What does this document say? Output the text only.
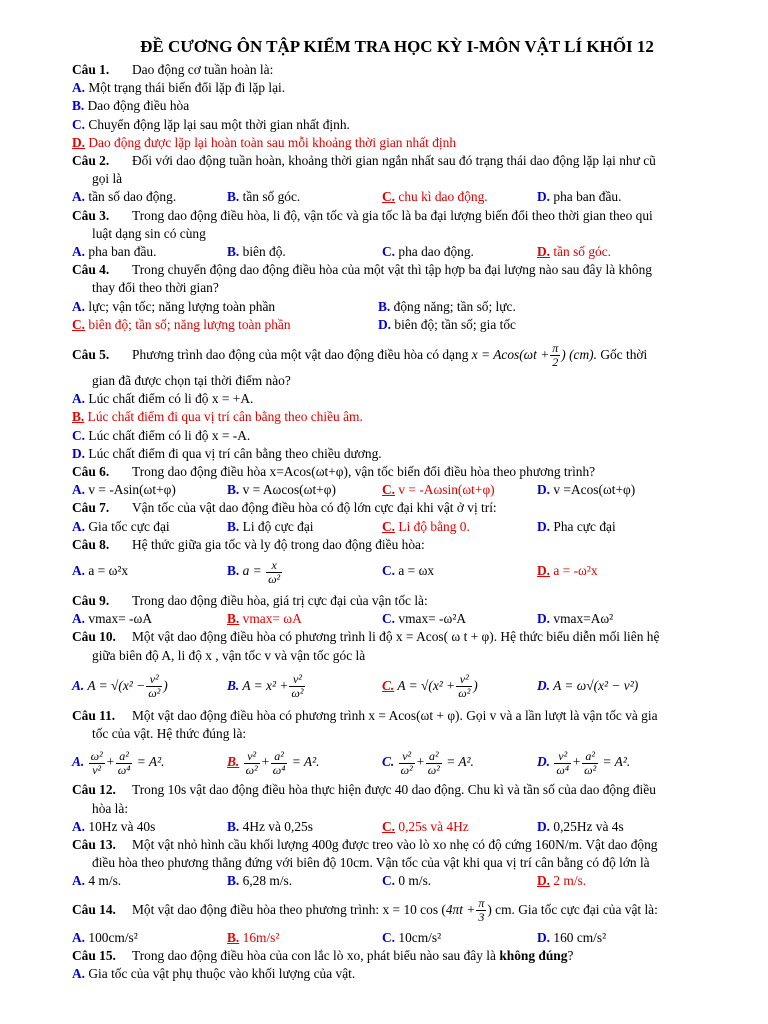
ĐỀ CƯƠNG ÔN TẬP KIỂM TRA HỌC KỲ I-MÔN VẬT LÍ KHỐI 12
Câu 1. Dao động cơ tuần hoàn là:
A. Một trạng thái biến đổi lặp đi lặp lại.
B. Dao động điều hòa
C. Chuyển động lặp lại sau một thời gian nhất định.
D. Dao động được lặp lại hoàn toàn sau mỗi khoảng thời gian nhất định
Câu 2. Đối với dao động tuần hoàn, khoảng thời gian ngắn nhất sau đó trạng thái dao động lặp lại như cũ
gọi là
A. tần số dao động.	B. tần số góc.	C. chu kì dao động.	D. pha ban đầu.
Câu 3. Trong dao động điều hòa, li độ, vận tốc và gia tốc là ba đại lượng biến đổi theo thời gian theo qui
luật dạng sin có cùng
A. pha ban đầu.	B. biên độ.	C. pha dao động.	D. tần số góc.
Câu 4. Trong chuyển động dao động điều hòa của một vật thì tập hợp ba đại lượng nào sau đây là không
thay đổi theo thời gian?
A. lực; vận tốc; năng lượng toàn phần	B. động năng; tần số; lực.
C. biên độ; tần số; năng lượng toàn phần	D. biên độ; tần số; gia tốc
Câu 5. Phương trình dao động của một vật dao động điều hòa có dạng $x = Acos(\omega t + \frac{\pi}{2}$ ) (cm). Gốc thời
gian đã được chọn tại thời điểm nào?
A. Lúc chất điểm có li độ x = +A.
B. Lúc chất điểm đi qua vị trí cân bằng theo chiều âm.
C. Lúc chất điểm có li độ x = -A.
D. Lúc chất điểm đi qua vị trí cân bằng theo chiều dương.
Câu 6. Trong dao động điều hòa x=Acos(ωt+φ), vận tốc biến đổi điều hòa theo phương trình?
A. v = -Asin(ωt+φ)	B. v = Aωcos(ωt+φ)	C. v = -Aωsin(ωt+φ)	D. v =Acos(ωt+φ)
Câu 7. Vận tốc của vật dao động điều hòa có độ lớn cực đại khi vật ở vị trí:
A. Gia tốc cực đại	B. Li độ cực đại	C. Li độ bằng 0.	D. Pha cực đại
Câu 8. Hệ thức giữa gia tốc và ly độ trong dao động điều hòa:
A. a = ω²x	B. $a = \frac{x}{\text{ω²}}$	C. a = ωx	D. a = -ω²x
Câu 9. Trong dao động điều hòa, giá trị cực đại của vận tốc là:
A. vmax= -ωA	B. vmax= ωA	C. vmax= -ω²A	D. vmax=Aω²
Câu 10. Một vật dao động điều hòa có phương trình li độ x = Acos( ω t + φ). Hệ thức biểu diễn mối liên hệ
giữa biên độ A, li độ x , vận tốc v và vận tốc góc là
A. $A = √(x^2 - \frac{\text{v²}}{\text{ω²}}$ )	B. $A = x^2 + \frac{\text{v²}}{\text{ω²}}$	C. $A = √(x^2 + \frac{\text{v²}}{\text{ω²}}$ )	D. A = ω√(x² − v²)
Câu 11. Một vật dao động điều hòa có phương trình x = Acos(ωt + φ). Gọi v và a lần lượt là vận tốc và gia
tốc của vật. Hệ thức đúng là:
A. $\frac{\text{ω²}}{\text{v²}} + \frac{\text{a²}}{\text{ω⁴}} = A^2$.	B. $\frac{\text{v²}}{\text{ω²}} + \frac{\text{a²}}{\text{ω⁴}} = A^2$.	C. $\frac{\text{v²}}{\text{ω²}} + \frac{\text{a²}}{\text{ω²}} = A^2$.	D. $\frac{\text{v²}}{\text{ω⁴}} + \frac{\text{a²}}{\text{ω²}} = A^2$.
Câu 12. Trong 10s vật dao động điều hòa thực hiện được 40 dao động. Chu kì và tần số của dao động điều
hòa là:
A. 10Hz và 40s	B. 4Hz và 0,25s	C. 0,25s và 4Hz	D. 0,25Hz và 4s
Câu 13. Một vật nhỏ hình cầu khối lượng 400g được treo vào lò xo nhẹ có độ cứng 160N/m. Vật dao động
điều hòa theo phương thẳng đứng với biên độ 10cm. Vận tốc của vật khi qua vị trí cân bằng có độ lớn là
A. 4 m/s.	B. 6,28 m/s.	C. 0 m/s.	D. 2 m/s.
Câu 14. Một vật dao động điều hòa theo phương trình: x = 10 $\cos (4\pi t + \frac{\pi}{3}$ ) cm. Gia tốc cực đại của vật là:
A. 100cm/s²	B. 16m/s²	C. 10cm/s²	D. 160 cm/s²
Câu 15. Trong dao động điều hòa của con lắc lò xo, phát biểu nào sau đây là không đúng?
A. Gia tốc của vật phụ thuộc vào khối lượng của vật.
